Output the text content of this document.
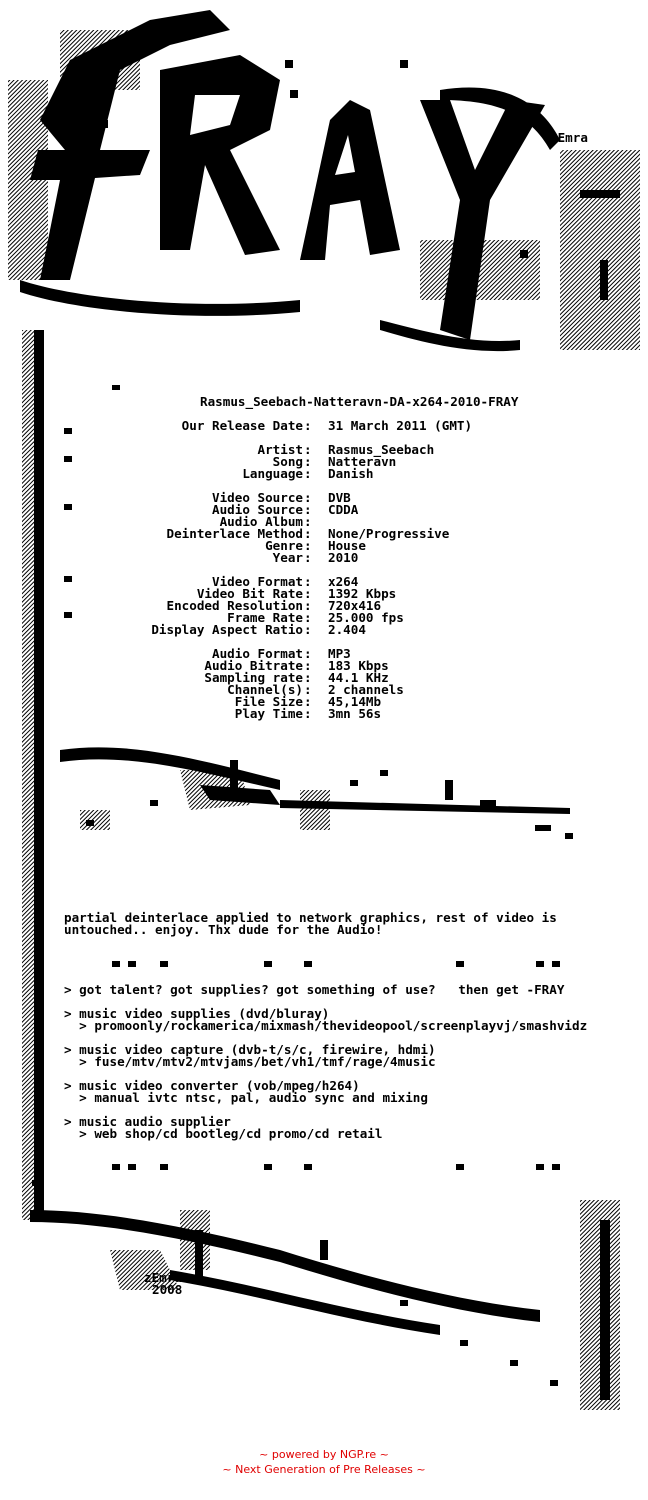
zEmra
Rasmus_Seebach-Natteravn-DA-x264-2010-FRAY
Our Release Date : 31 March 2011 (GMT)
Artist : Rasmus_Seebach
Song : Natteravn
Language : Danish
Video Source : DVB
Audio Source : CDDA
Audio Album :
Deinterlace Method : None/Progressive
Genre : House
Year : 2010
Video Format : x264
Video Bit Rate : 1392 Kbps
Encoded Resolution : 720x416
Frame Rate : 25.000 fps
Display Aspect Ratio : 2.404
Audio Format : MP3
Audio Bitrate : 183 Kbps
Sampling rate : 44.1 KHz
Channel(s) : 2 channels
File Size : 45,14Mb
Play Time : 3mn 56s
partial deinterlace applied to network graphics, rest of video is
untouched.. enjoy. Thx dude for the Audio!
> got talent? got supplies? got something of use?   then get -FRAY
> music video supplies (dvd/bluray)
> promoonly/rockamerica/mixmash/thevideopool/screenplayvj/smashvidz
> music video capture (dvb-t/s/c, firewire, hdmi)
> fuse/mtv/mtv2/mtvjams/bet/vh1/tmf/rage/4music
> music video converter (vob/mpeg/h264)
> manual ivtc ntsc, pal, audio sync and mixing
> music audio supplier
> web shop/cd bootleg/cd promo/cd retail
zEmra
2008
~ powered by NGP.re ~
~ Next Generation of Pre Releases ~
